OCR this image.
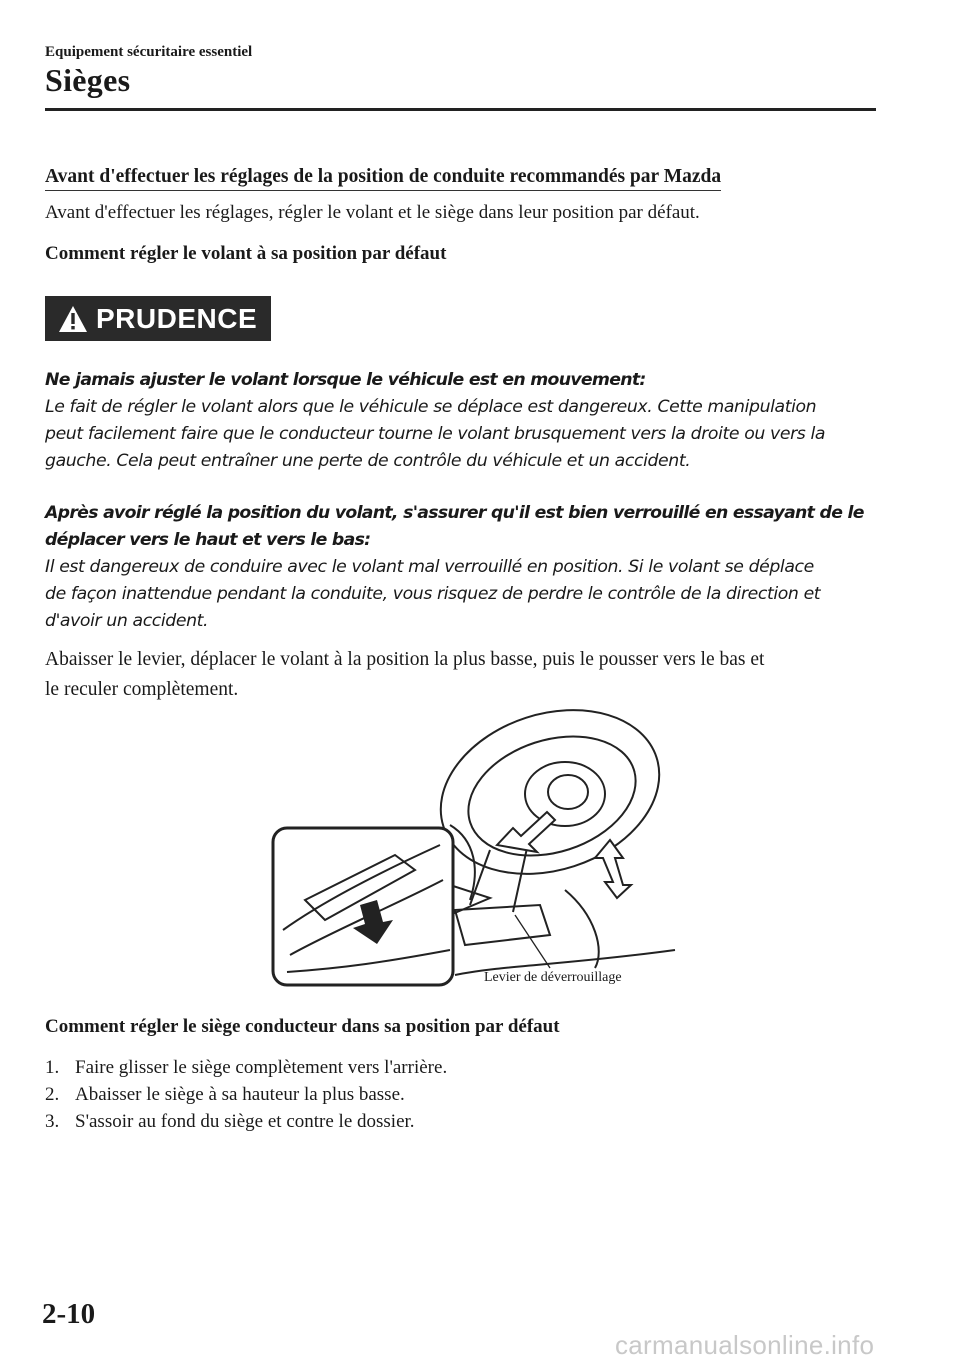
Equipement sécuritaire essentiel
Sièges
Avant d'effectuer les réglages de la position de conduite recommandés par Mazda
Avant d'effectuer les réglages, régler le volant et le siège dans leur position par défaut.
Comment régler le volant à sa position par défaut
PRUDENCE
Ne jamais ajuster le volant lorsque le véhicule est en mouvement:
Le fait de régler le volant alors que le véhicule se déplace est dangereux. Cette manipulation
peut facilement faire que le conducteur tourne le volant brusquement vers la droite ou vers la
gauche. Cela peut entraîner une perte de contrôle du véhicule et un accident.
Après avoir réglé la position du volant, s'assurer qu'il est bien verrouillé en essayant de le
déplacer vers le haut et vers le bas:
Il est dangereux de conduire avec le volant mal verrouillé en position. Si le volant se déplace
de façon inattendue pendant la conduite, vous risquez de perdre le contrôle de la direction et
d'avoir un accident.
Abaisser le levier, déplacer le volant à la position la plus basse, puis le pousser vers le bas et
le reculer complètement.
Levier de déverrouillage
Comment régler le siège conducteur dans sa position par défaut
1. Faire glisser le siège complètement vers l'arrière.
2. Abaisser le siège à sa hauteur la plus basse.
3. S'assoir au fond du siège et contre le dossier.
2-10
carmanualsonline.info
